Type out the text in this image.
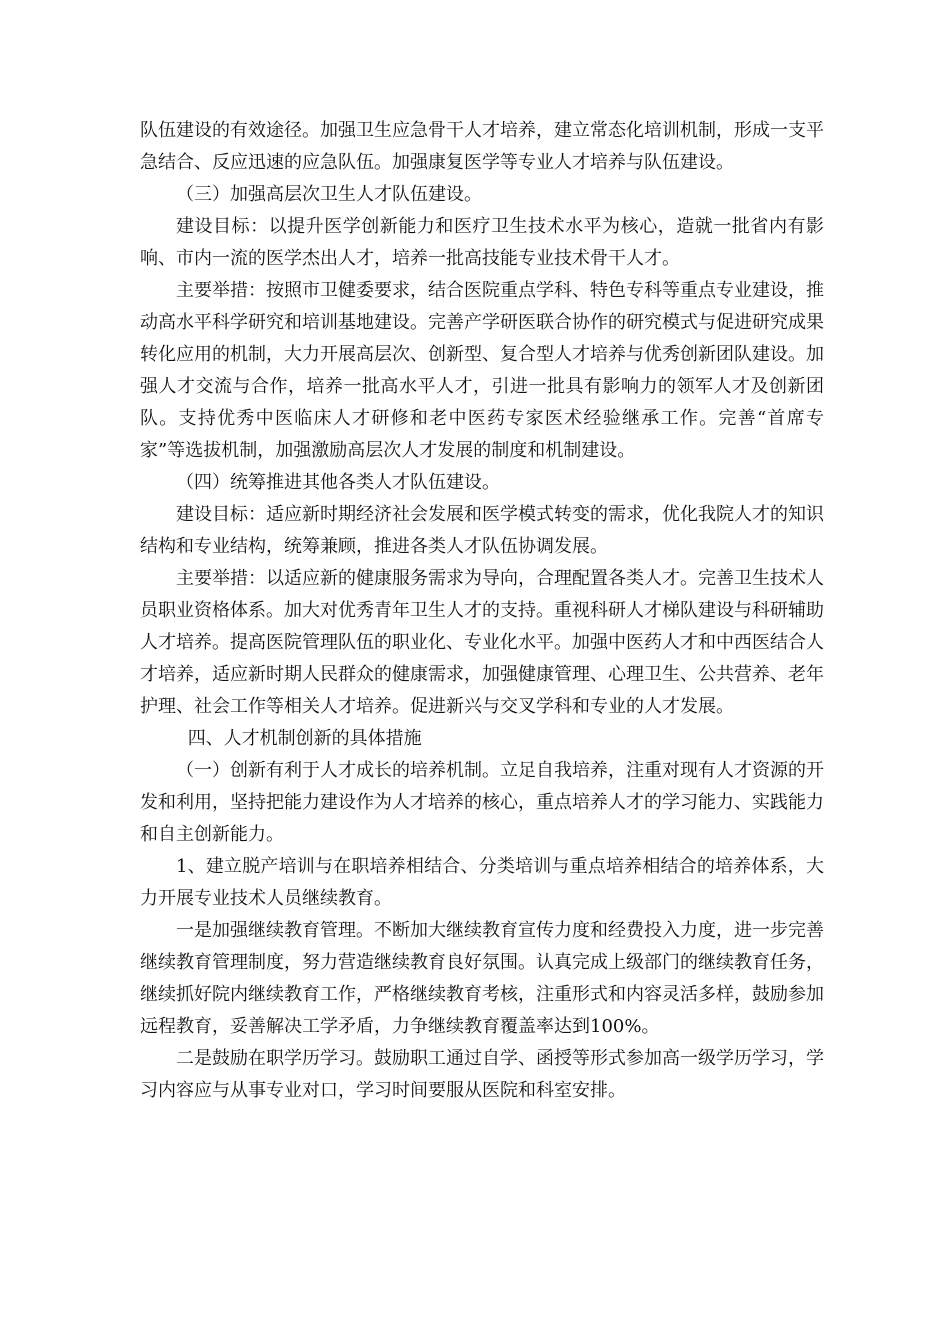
队伍建设的有效途径。加强卫生应急骨干人才培养，建立常态化培训机制，形成一支平急结合、反应迅速的应急队伍。加强康复医学等专业人才培养与队伍建设。

（三）加强高层次卫生人才队伍建设。

建设目标：以提升医学创新能力和医疗卫生技术水平为核心，造就一批省内有影响、市内一流的医学杰出人才，培养一批高技能专业技术骨干人才。

主要举措：按照市卫健委要求，结合医院重点学科、特色专科等重点专业建设，推动高水平科学研究和培训基地建设。完善产学研医联合协作的研究模式与促进研究成果转化应用的机制，大力开展高层次、创新型、复合型人才培养与优秀创新团队建设。加强人才交流与合作，培养一批高水平人才，引进一批具有影响力的领军人才及创新团队。支持优秀中医临床人才研修和老中医药专家医术经验继承工作。完善“首席专家”等选拔机制，加强激励高层次人才发展的制度和机制建设。

（四）统筹推进其他各类人才队伍建设。

建设目标：适应新时期经济社会发展和医学模式转变的需求，优化我院人才的知识结构和专业结构，统筹兼顾，推进各类人才队伍协调发展。

主要举措：以适应新的健康服务需求为导向，合理配置各类人才。完善卫生技术人员职业资格体系。加大对优秀青年卫生人才的支持。重视科研人才梯队建设与科研辅助人才培养。提高医院管理队伍的职业化、专业化水平。加强中医药人才和中西医结合人才培养，适应新时期人民群众的健康需求，加强健康管理、心理卫生、公共营养、老年护理、社会工作等相关人才培养。促进新兴与交叉学科和专业的人才发展。

四、人才机制创新的具体措施

（一）创新有利于人才成长的培养机制。立足自我培养，注重对现有人才资源的开发和利用，坚持把能力建设作为人才培养的核心，重点培养人才的学习能力、实践能力和自主创新能力。

1、建立脱产培训与在职培养相结合、分类培训与重点培养相结合的培养体系，大力开展专业技术人员继续教育。

一是加强继续教育管理。不断加大继续教育宣传力度和经费投入力度，进一步完善继续教育管理制度，努力营造继续教育良好氛围。认真完成上级部门的继续教育任务，继续抓好院内继续教育工作，严格继续教育考核，注重形式和内容灵活多样，鼓励参加远程教育，妥善解决工学矛盾，力争继续教育覆盖率达到100%。

二是鼓励在职学历学习。鼓励职工通过自学、函授等形式参加高一级学历学习，学习内容应与从事专业对口，学习时间要服从医院和科室安排。
